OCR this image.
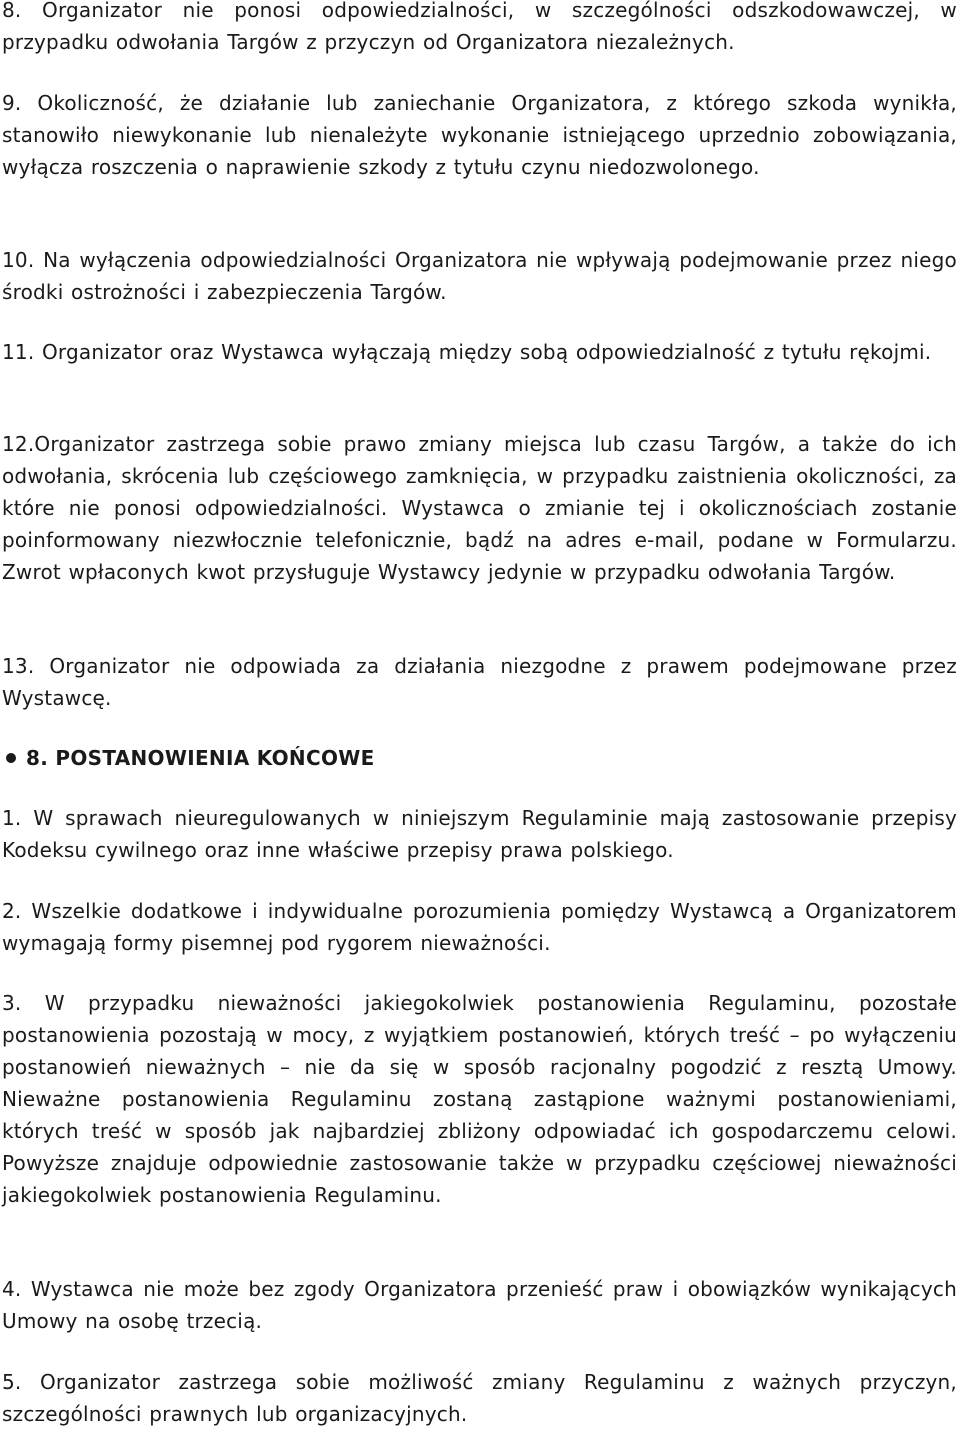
8. Organizator nie ponosi odpowiedzialności, w szczególności odszkodowawczej, w przypadku odwołania Targów z przyczyn od Organizatora niezależnych.

9. Okoliczność, że działanie lub zaniechanie Organizatora, z którego szkoda wynikła, stanowiło niewykonanie lub nienależyte wykonanie istniejącego uprzednio zobowiązania, wyłącza roszczenia o naprawienie szkody z tytułu czynu niedozwolonego.

10. Na wyłączenia odpowiedzialności Organizatora nie wpływają podejmowanie przez niego środki ostrożności i zabezpieczenia Targów.

11. Organizator oraz Wystawca wyłączają między sobą odpowiedzialność z tytułu rękojmi.

12.Organizator zastrzega sobie prawo zmiany miejsca lub czasu Targów, a także do ich odwołania, skrócenia lub częściowego zamknięcia, w przypadku zaistnienia okoliczności, za które nie ponosi odpowiedzialności. Wystawca o zmianie tej i okolicznościach zostanie poinformowany niezwłocznie telefonicznie, bądź na adres e-mail, podane w Formularzu. Zwrot wpłaconych kwot przysługuje Wystawcy jedynie w przypadku odwołania Targów.

13. Organizator nie odpowiada za działania niezgodne z prawem podejmowane przez Wystawcę.

8. POSTANOWIENIA KOŃCOWE

1. W sprawach nieuregulowanych w niniejszym Regulaminie mają zastosowanie przepisy Kodeksu cywilnego oraz inne właściwe przepisy prawa polskiego.

2. Wszelkie dodatkowe i indywidualne porozumienia pomiędzy Wystawcą a Organizatorem wymagają formy pisemnej pod rygorem nieważności.

3. W przypadku nieważności jakiegokolwiek postanowienia Regulaminu, pozostałe postanowienia pozostają w mocy, z wyjątkiem postanowień, których treść – po wyłączeniu postanowień nieważnych – nie da się w sposób racjonalny pogodzić z resztą Umowy. Nieważne postanowienia Regulaminu zostaną zastąpione ważnymi postanowieniami, których treść w sposób jak najbardziej zbliżony odpowiadać ich gospodarczemu celowi. Powyższe znajduje odpowiednie zastosowanie także w przypadku częściowej nieważności jakiegokolwiek postanowienia Regulaminu.

4. Wystawca nie może bez zgody Organizatora przenieść praw i obowiązków wynikających Umowy na osobę trzecią.

5. Organizator zastrzega sobie możliwość zmiany Regulaminu z ważnych przyczyn, szczególności prawnych lub organizacyjnych.
